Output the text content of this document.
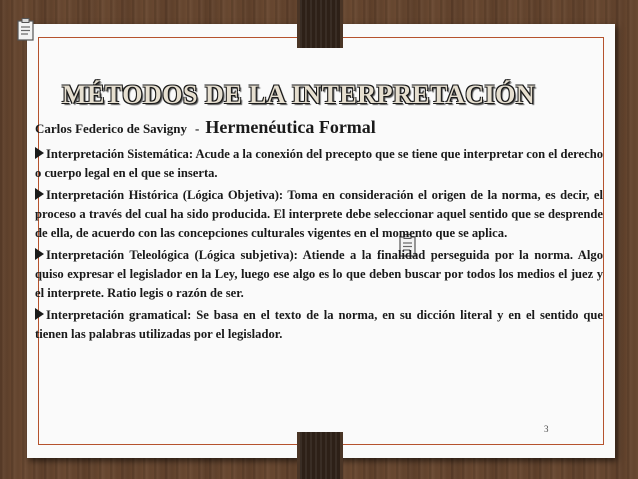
MÉTODOS DE LA INTERPRETACIÓN
Carlos Federico de Savigny - Hermenéutica Formal

Interpretación Sistemática: Acude a la conexión del precepto que se tiene que interpretar con el derecho o cuerpo legal en el que se inserta.

Interpretación Histórica (Lógica Objetiva): Toma en consideración el origen de la norma, es decir, el proceso a través del cual ha sido producida. El interprete debe seleccionar aquel sentido que se desprende de ella, de acuerdo con las concepciones culturales vigentes en el momento que se aplica.

Interpretación Teleológica (Lógica subjetiva): Atiende a la finalidad perseguida por la norma. Algo quiso expresar el legislador en la Ley, luego ese algo es lo que deben buscar por todos los medios el juez y el interprete. Ratio legis o razón de ser.

Interpretación gramatical: Se basa en el texto de la norma, en su dicción literal y en el sentido que tienen las palabras utilizadas por el legislador.

3
